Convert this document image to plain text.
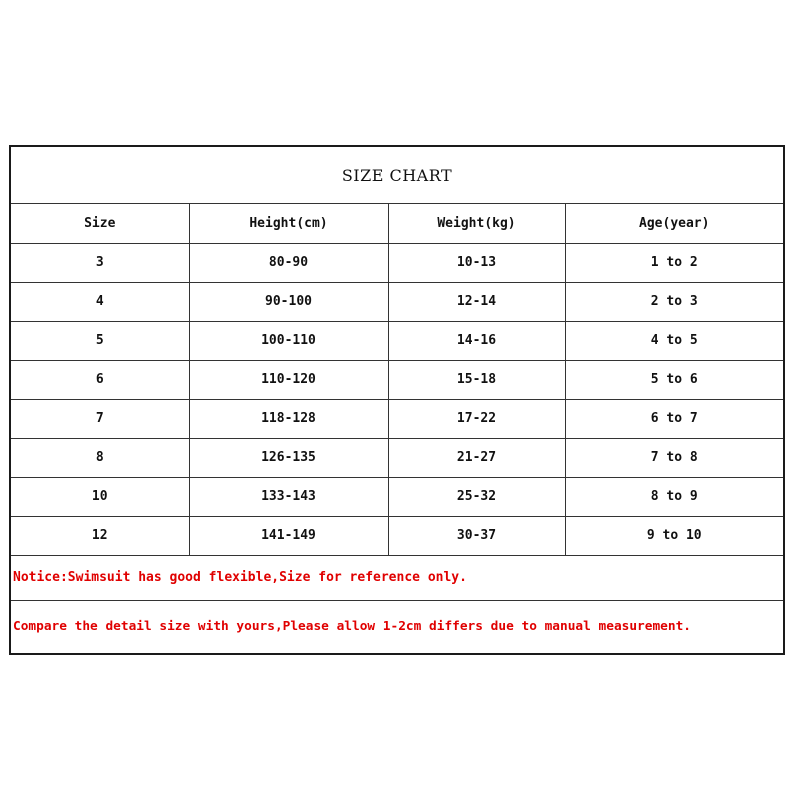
SIZE CHART
Size	Height(cm)	Weight(kg)	Age(year)
3	80-90	10-13	1 to 2
4	90-100	12-14	2 to 3
5	100-110	14-16	4 to 5
6	110-120	15-18	5 to 6
7	118-128	17-22	6 to 7
8	126-135	21-27	7 to 8
10	133-143	25-32	8 to 9
12	141-149	30-37	9 to 10
Notice:Swimsuit has good flexible,Size for reference only.
Compare the detail size with yours,Please allow 1-2cm differs due to manual measurement.
